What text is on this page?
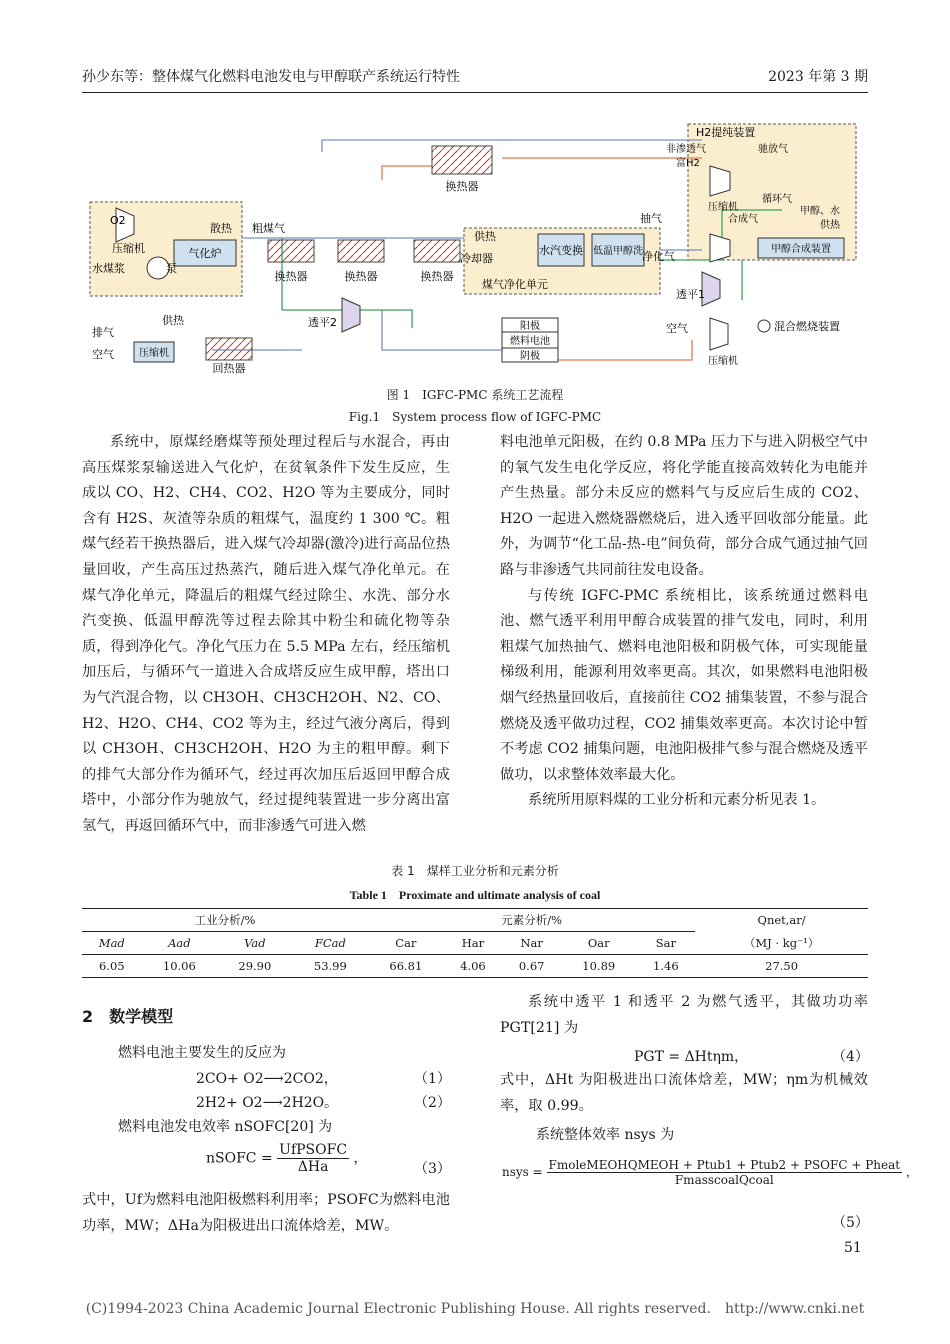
孙少东等：整体煤气化燃料电池发电与甲醇联产系统运行特性	2023 年第 3 期
换热器
O2
压缩机	气化炉
散热
泵
水煤浆
粗煤气
换热器	换热器	换热器
供热
冷却器
煤气净化单元
水汽变换 低温甲醇洗 净化气
抽气
H2提纯装置
非渗透气	驰放气
富H2
压缩机
循环气
甲醇、水
供热
合成气
甲醇合成装置
透平1
透平2	阳极
燃料电池
阴极
空气
压缩机
混合燃烧装置
排气
供热
空气	压缩机
回热器
图 1　IGFC-PMC 系统工艺流程
Fig.1　System process flow of IGFC-PMC

系统中，原煤经磨煤等预处理过程后与水混合，再由高压煤浆泵输送进入气化炉，在贫氧条件下发生反应，生成以 CO、H2、CH4、CO2、H2O 等为主要成分，同时含有 H2S、灰渣等杂质的粗煤气，温度约 1 300 ℃。粗煤气经若干换热器后，进入煤气冷却器(激冷)进行高品位热量回收，产生高压过热蒸汽，随后进入煤气净化单元。在煤气净化单元，降温后的粗煤气经过除尘、水洗、部分水汽变换、低温甲醇洗等过程去除其中粉尘和硫化物等杂质，得到净化气。净化气压力在 5.5 MPa 左右，经压缩机加压后，与循环气一道进入合成塔反应生成甲醇，塔出口为气汽混合物，以 CH3OH、CH3CH2OH、N2、CO、H2、H2O、CH4、CO2 等为主，经过气液分离后，得到以 CH3OH、CH3CH2OH、H2O 为主的粗甲醇。剩下的排气大部分作为循环气，经过再次加压后返回甲醇合成塔中，小部分作为驰放气，经过提纯装置进一步分离出富氢气，再返回循环气中，而非渗透气可进入燃

料电池单元阳极，在约 0.8 MPa 压力下与进入阴极空气中的氧气发生电化学反应，将化学能直接高效转化为电能并产生热量。部分未反应的燃料气与反应后生成的 CO2、H2O 一起进入燃烧器燃烧后，进入透平回收部分能量。此外，为调节“化工品-热-电”间负荷，部分合成气通过抽气回路与非渗透气共同前往发电设备。

与传统 IGFC-PMC 系统相比，该系统通过燃料电池、燃气透平利用甲醇合成装置的排气发电，同时，利用粗煤气加热抽气、燃料电池阳极和阴极气体，可实现能量梯级利用，能源利用效率更高。其次，如果燃料电池阳极烟气经热量回收后，直接前往 CO2 捕集装置，不参与混合燃烧及透平做功过程，CO2 捕集效率更高。本次讨论中暂不考虑 CO2 捕集问题，电池阳极排气参与混合燃烧及透平做功，以求整体效率最大化。

系统所用原料煤的工业分析和元素分析见表 1。

表 1　煤样工业分析和元素分析
Table 1　Proximate and ultimate analysis of coal
工业分析/%				元素分析/%					Qnet,ar/
Mad	Aad	Vad	FCad	Car	Har	Nar	Oar	Sar	（MJ · kg⁻¹）
6.05	10.06	29.90	53.99	66.81	4.06	0.67	10.89	1.46	27.50
2　数学模型
燃料电池主要发生的反应为
2CO+ O2⟶2CO2，	（1）
2H2+ O2⟶2H2O。	（2）
燃料电池发电效率 nSOFC[20] 为
nSOFC = $\frac{\text{UfPSOFC}}{\text{ΔHa}}$ ，
（3）

式中，Uf为燃料电池阳极燃料利用率；PSOFC为燃料电池功率，MW；ΔHa为阳极进出口流体焓差，MW。

系统中透平 1 和透平 2 为燃气透平，其做功功率 PGT[21] 为

PGT = ΔHtηm，	（4）

式中，ΔHt 为阳极进出口流体焓差，MW；ηm为机械效率，取 0.99。

系统整体效率 nsys 为
nsys = $\frac{\text{FmoleMEOHQMEOH + Ptub1 + Ptub2 + PSOFC + Pheat}}{\text{FmasscoalQcoal}}$ ，
（5）
51
(C)1994-2023 China Academic Journal Electronic Publishing House. All rights reserved.　http://www.cnki.net
